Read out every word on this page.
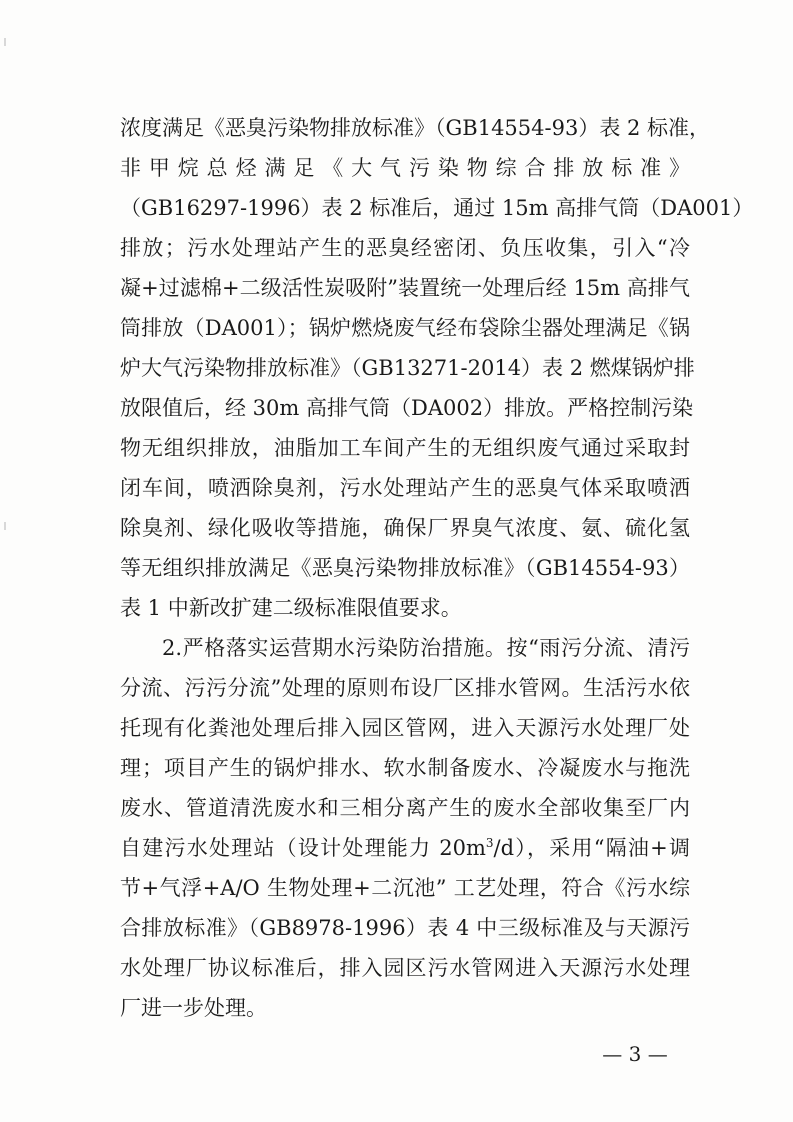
浓度满足《恶臭污染物排放标准》（GB14554-93）表 2 标准，
非甲烷总烃满足《大气污染物综合排放标准》
（GB16297-1996）表 2 标准后，通过 15m 高排气筒（DA001）
排放；污水处理站产生的恶臭经密闭、负压收集，引入“冷
凝+过滤棉+二级活性炭吸附”装置统一处理后经 15m 高排气
筒排放（DA001）；锅炉燃烧废气经布袋除尘器处理满足《锅
炉大气污染物排放标准》（GB13271-2014）表 2 燃煤锅炉排
放限值后，经 30m 高排气筒（DA002）排放。严格控制污染
物无组织排放，油脂加工车间产生的无组织废气通过采取封
闭车间，喷洒除臭剂，污水处理站产生的恶臭气体采取喷洒
除臭剂、绿化吸收等措施，确保厂界臭气浓度、氨、硫化氢
等无组织排放满足《恶臭污染物排放标准》（GB14554-93）
表 1 中新改扩建二级标准限值要求。
2.严格落实运营期水污染防治措施。按“雨污分流、清污
分流、污污分流”处理的原则布设厂区排水管网。生活污水依
托现有化粪池处理后排入园区管网，进入天源污水处理厂处
理；项目产生的锅炉排水、软水制备废水、冷凝废水与拖洗
废水、管道清洗废水和三相分离产生的废水全部收集至厂内
自建污水处理站（设计处理能力 $20m^3/d$），采用“隔油+调
节+气浮+A/O 生物处理+二沉池” 工艺处理，符合《污水综
合排放标准》（GB8978-1996）表 4 中三级标准及与天源污
水处理厂协议标准后，排入园区污水管网进入天源污水处理
厂进一步处理。
— 3 —
